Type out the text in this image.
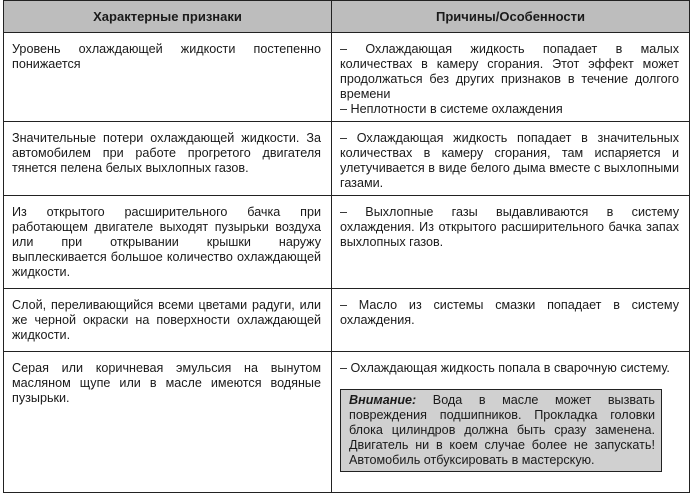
Характерные признаки	Причины/Особенности
Уровень охлаждающей жидкости постепенно понижается	– Охлаждающая жидкость попадает в малых количествах в камеру сгорания. Этот эффект может продолжаться без других признаков в течение долгого времени
– Неплотности в системе охлаждения

Значительные потери охлаждающей жидкости. За автомобилем при работе прогретого двигателя тянется пелена белых выхлопных газов.	– Охлаждающая жидкость попадает в значительных количествах в камеру сгорания, там испаряется и улетучивается в виде белого дыма вместе с выхлопными газами.

Из открытого расширительного бачка при работающем двигателе выходят пузырьки воздуха или при открывании крышки наружу выплескивается большое количество охлаждающей жидкости.	– Выхлопные газы выдавливаются в систему охлаждения. Из открытого расширительного бачка запах выхлопных газов.

Слой, переливающийся всеми цветами радуги, или же черной окраски на поверхности охлаждающей жидкости.	– Масло из системы смазки попадает в систему охлаждения.

Серая или коричневая эмульсия на вынутом масляном щупе или в масле имеются водяные пузырьки.	– Охлаждающая жидкость попала в сварочную систему.
Внимание: Вода в масле может вызвать повреждения подшипников. Прокладка головки блока цилиндров должна быть сразу заменена. Двигатель ни в коем случае более не запускать! Автомобиль отбуксировать в мастерскую.
